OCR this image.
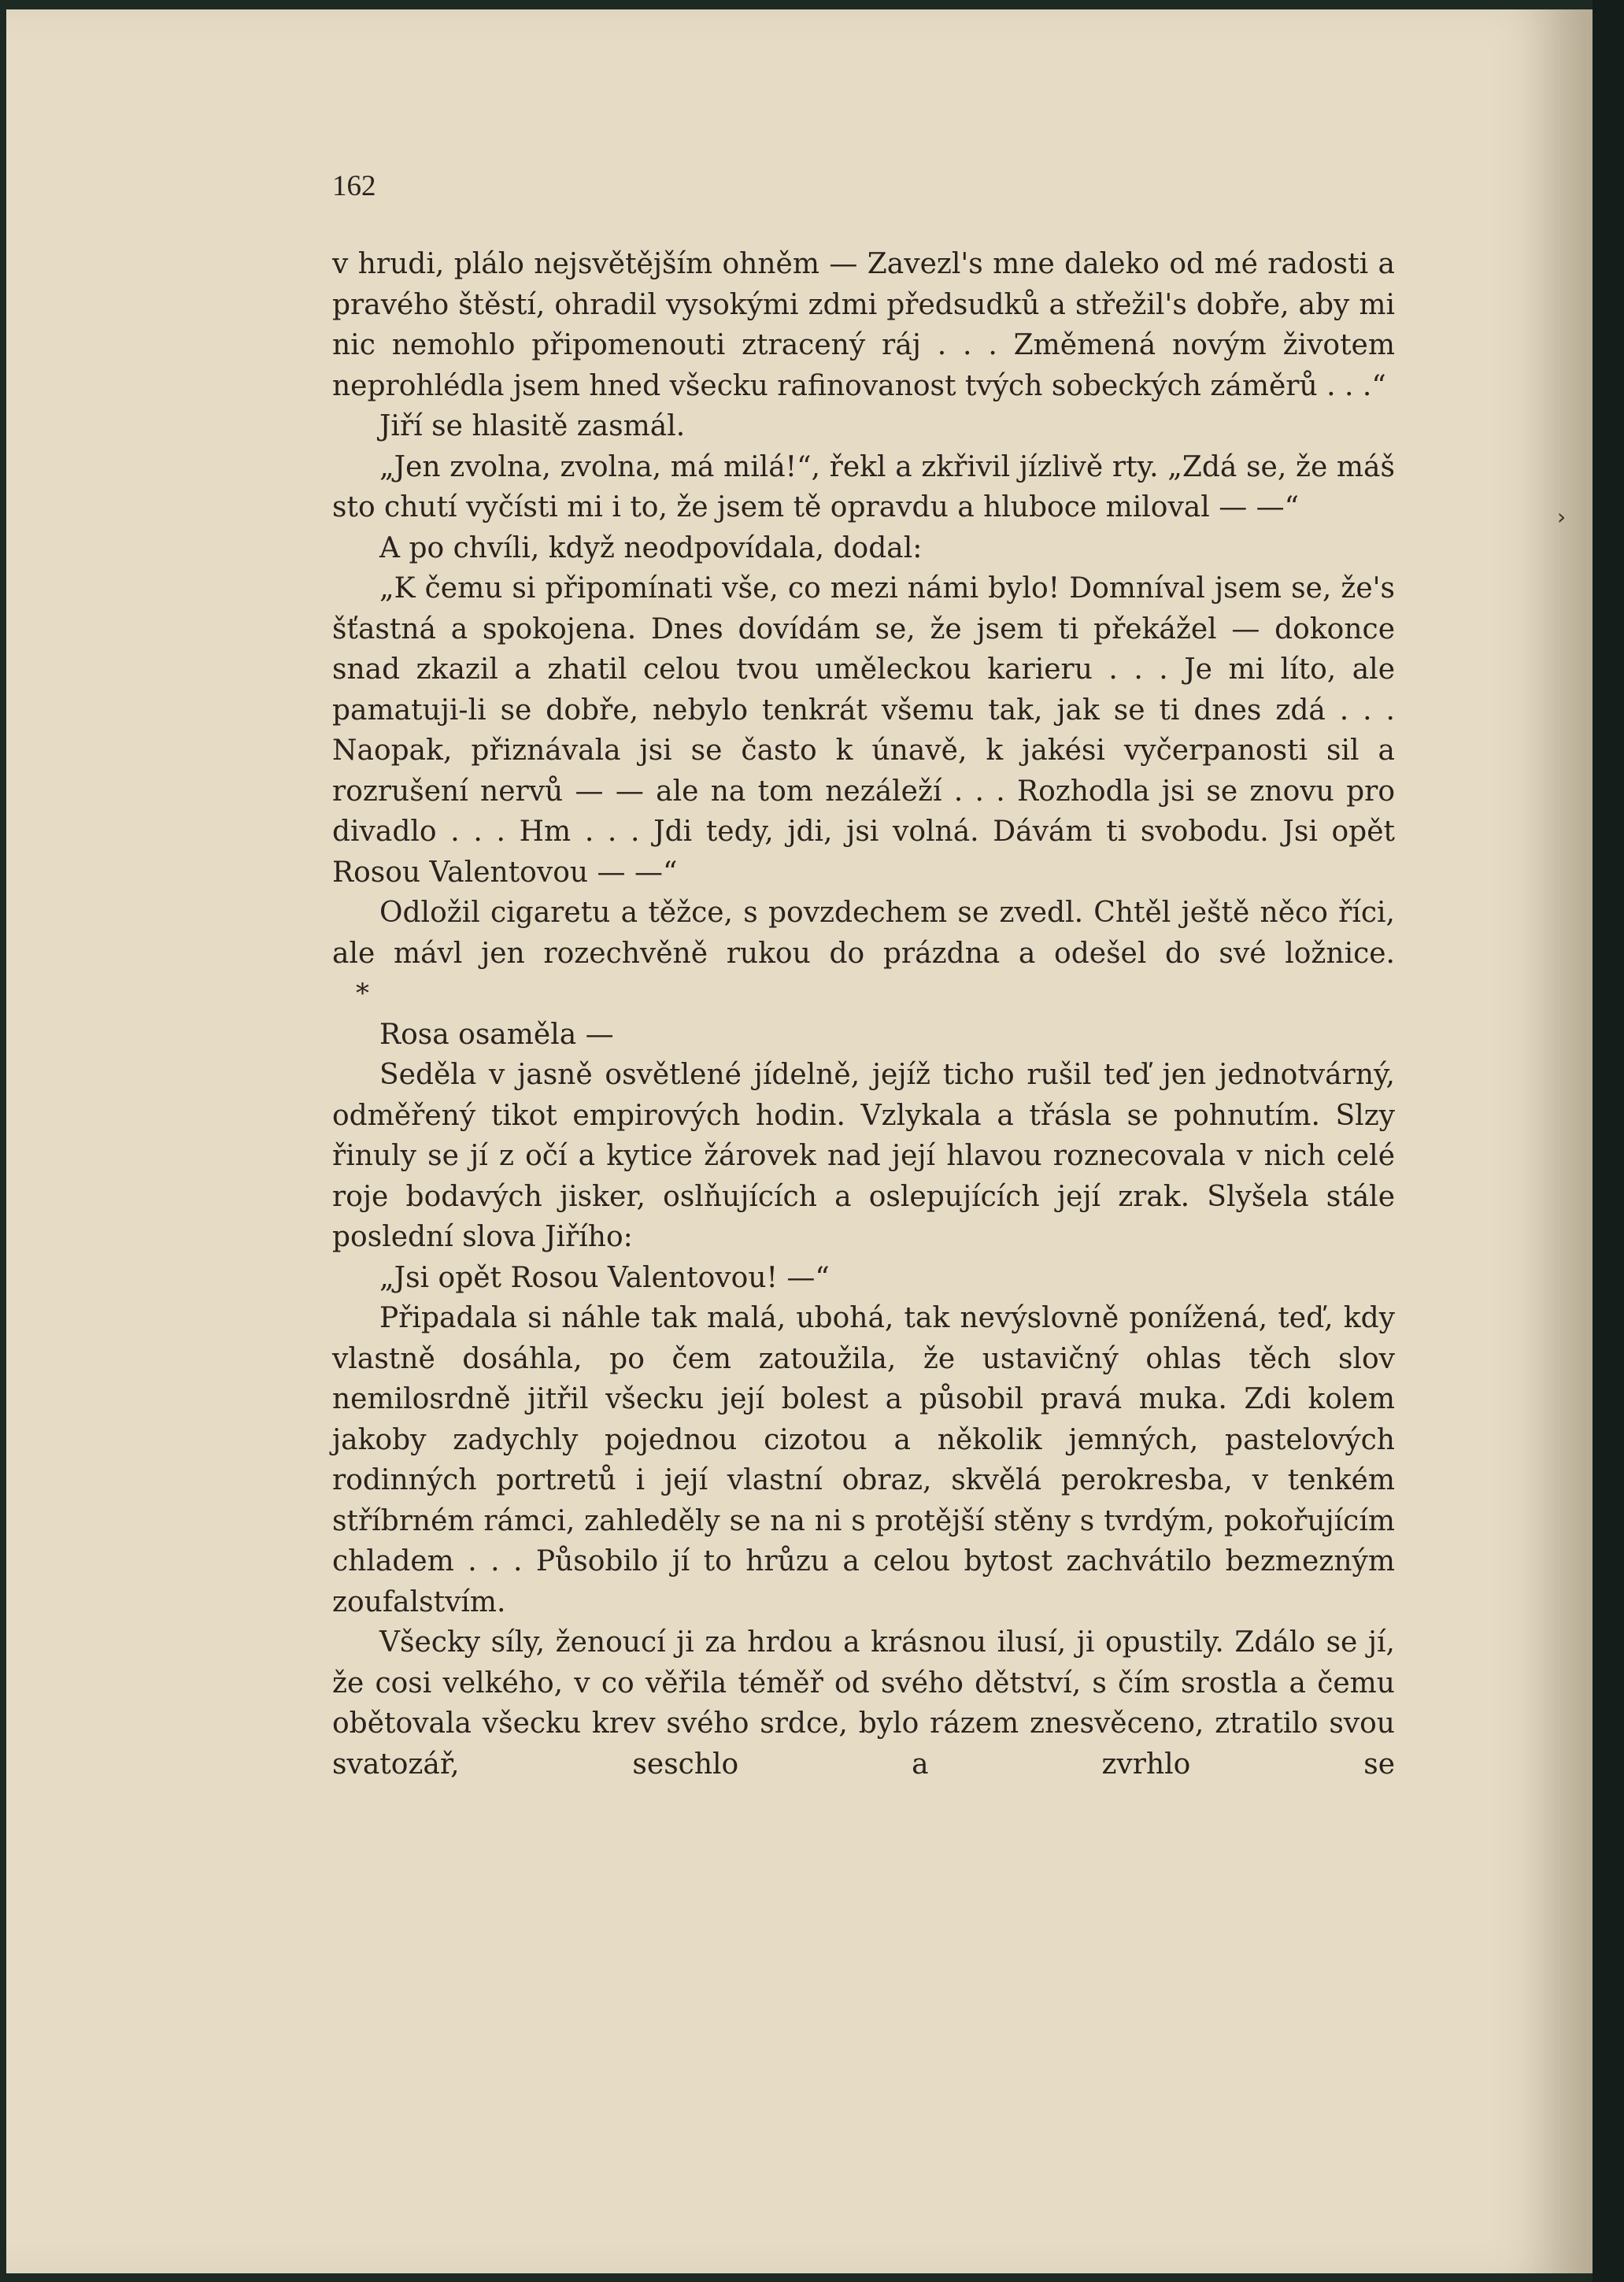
162

v hrudi, plálo nejsvětějším ohněm — Zavezl's mne daleko od mé radosti a pravého štěstí, ohradil vysokými zdmi předsudků a střežil's dobře, aby mi nic nemohlo připomenouti ztracený ráj . . . Změmená novým životem neprohlédla jsem hned všecku rafinovanost tvých sobeckých záměrů . . .“

Jiří se hlasitě zasmál.

„Jen zvolna, zvolna, má milá!“, řekl a zkřivil jízlivě rty. „Zdá se, že máš sto chutí vyčísti mi i to, že jsem tě opravdu a hluboce miloval — —“

A po chvíli, když neodpovídala, dodal:

„K čemu si připomínati vše, co mezi námi bylo! Domníval jsem se, že's šťastná a spokojena. Dnes dovídám se, že jsem ti překážel — dokonce snad zkazil a zhatil celou tvou uměleckou karieru . . . Je mi líto, ale pamatuji-li se dobře, nebylo tenkrát všemu tak, jak se ti dnes zdá . . . Naopak, přiznávala jsi se často k únavě, k jakési vyčerpanosti sil a rozrušení nervů — — ale na tom nezáleží . . . Rozhodla jsi se znovu pro divadlo . . . Hm . . . Jdi tedy, jdi, jsi volná. Dávám ti svobodu. Jsi opět Rosou Valentovou — —“

Odložil cigaretu a těžce, s povzdechem se zvedl. Chtěl ještě něco říci, ale mávl jen rozechvěně rukou do prázdna a odešel do své ložnice.

*

Rosa osaměla —

Seděla v jasně osvětlené jídelně, jejíž ticho rušil teď jen jednotvárný, odměřený tikot empirových hodin. Vzlykala a třásla se pohnutím. Slzy řinuly se jí z očí a kytice žárovek nad její hlavou roznecovala v nich celé roje bodavých jisker, oslňujících a oslepujících její zrak. Slyšela stále poslední slova Jiřího:

„Jsi opět Rosou Valentovou! —“

Připadala si náhle tak malá, ubohá, tak nevýslovně ponížená, teď, kdy vlastně dosáhla, po čem zatoužila, že ustavičný ohlas těch slov nemilosrdně jitřil všecku její bolest a působil pravá muka. Zdi kolem jakoby zadychly pojednou cizotou a několik jemných, pastelových rodinných portretů i její vlastní obraz, skvělá perokresba, v tenkém stříbrném rámci, zahleděly se na ni s protější stěny s tvrdým, pokořujícím chladem . . . Působilo jí to hrůzu a celou bytost zachvátilo bezmezným zoufalstvím.

Všecky síly, ženoucí ji za hrdou a krásnou ilusí, ji opustily. Zdálo se jí, že cosi velkého, v co věřila téměř od svého dětství, s čím srostla a čemu obětovala všecku krev svého srdce, bylo rázem znesvěceno, ztratilo svou svatozář, seschlo a zvrhlo se

›
